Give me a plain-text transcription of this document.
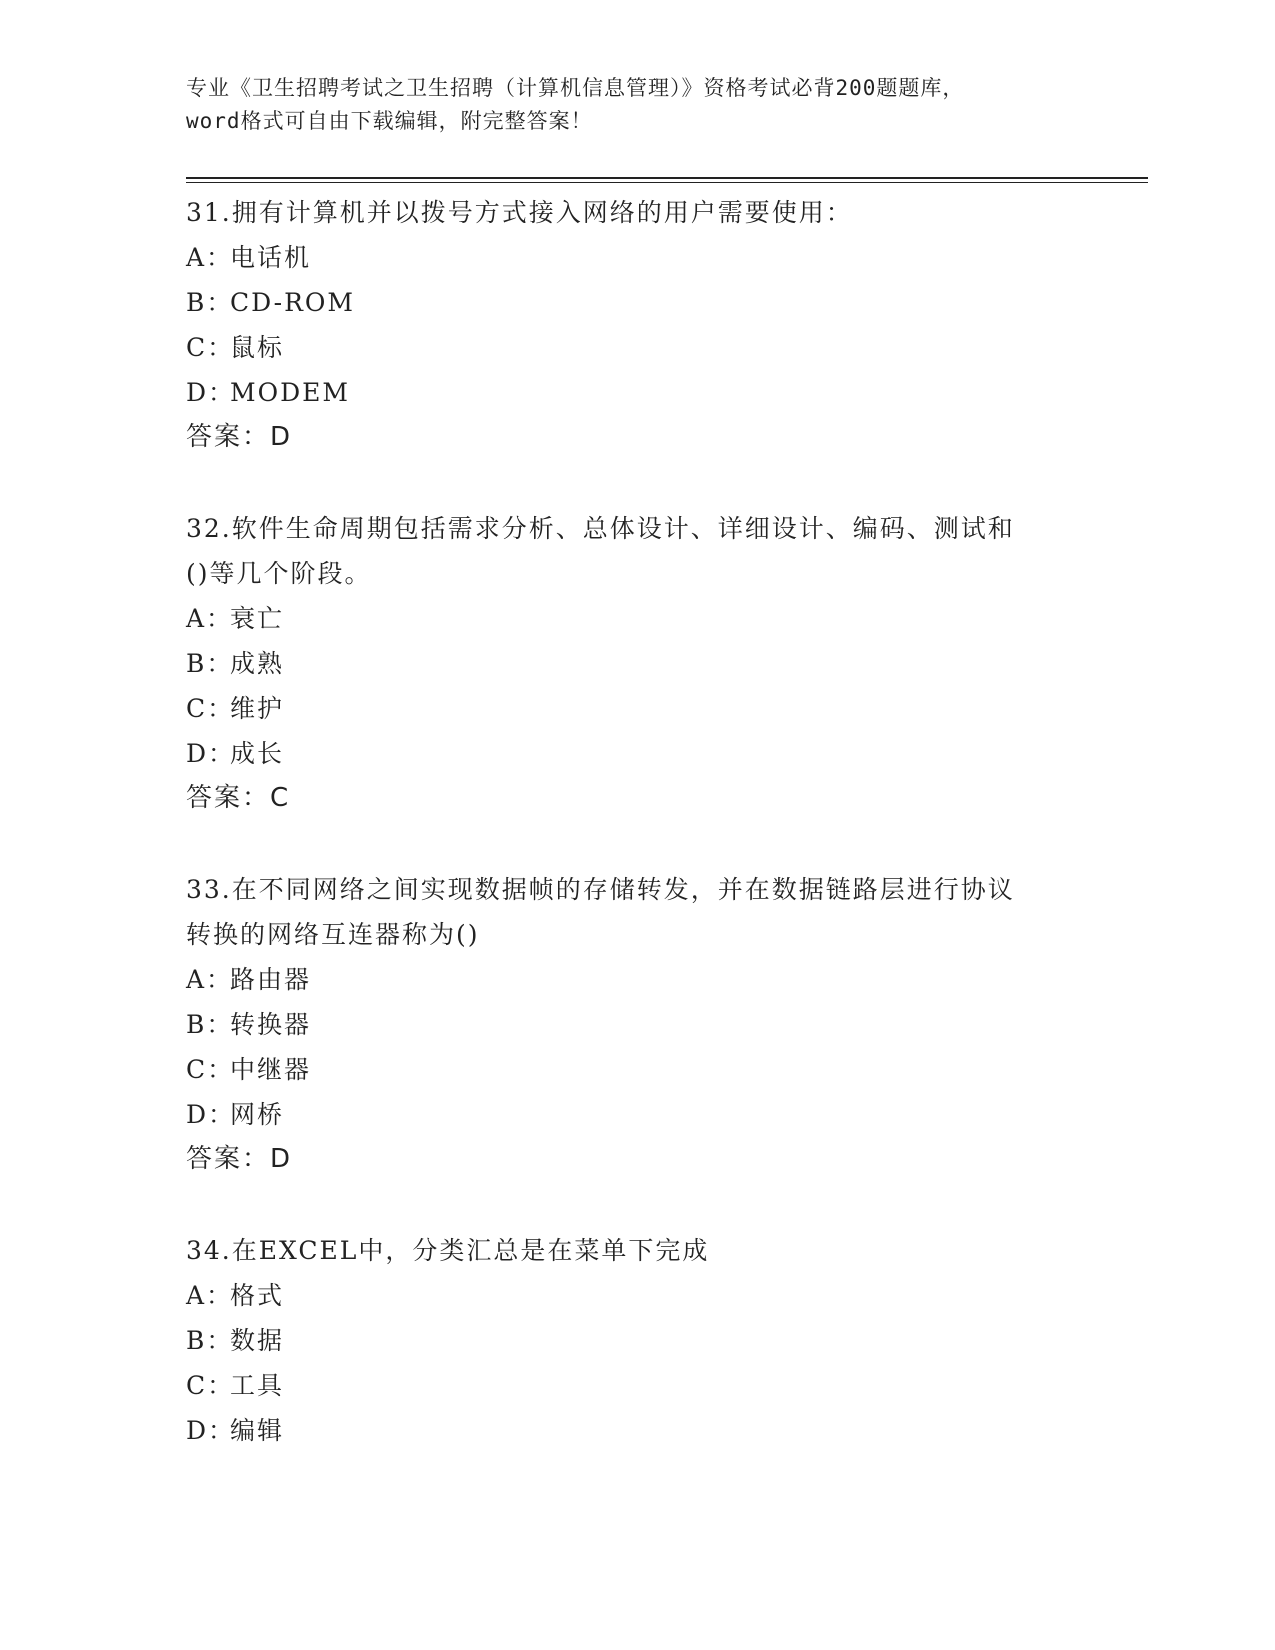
专业《卫生招聘考试之卫生招聘（计算机信息管理）》资格考试必背200题题库，
word格式可自由下载编辑，附完整答案！
31.拥有计算机并以拨号方式接入网络的用户需要使用：
A：电话机
B：CD-ROM
C：鼠标
D：MODEM
答案：D
32.软件生命周期包括需求分析、总体设计、详细设计、编码、测试和
()等几个阶段。
A：衰亡
B：成熟
C：维护
D：成长
答案：C
33.在不同网络之间实现数据帧的存储转发，并在数据链路层进行协议
转换的网络互连器称为()
A：路由器
B：转换器
C：中继器
D：网桥
答案：D
34.在EXCEL中，分类汇总是在菜单下完成
A：格式
B：数据
C：工具
D：编辑
